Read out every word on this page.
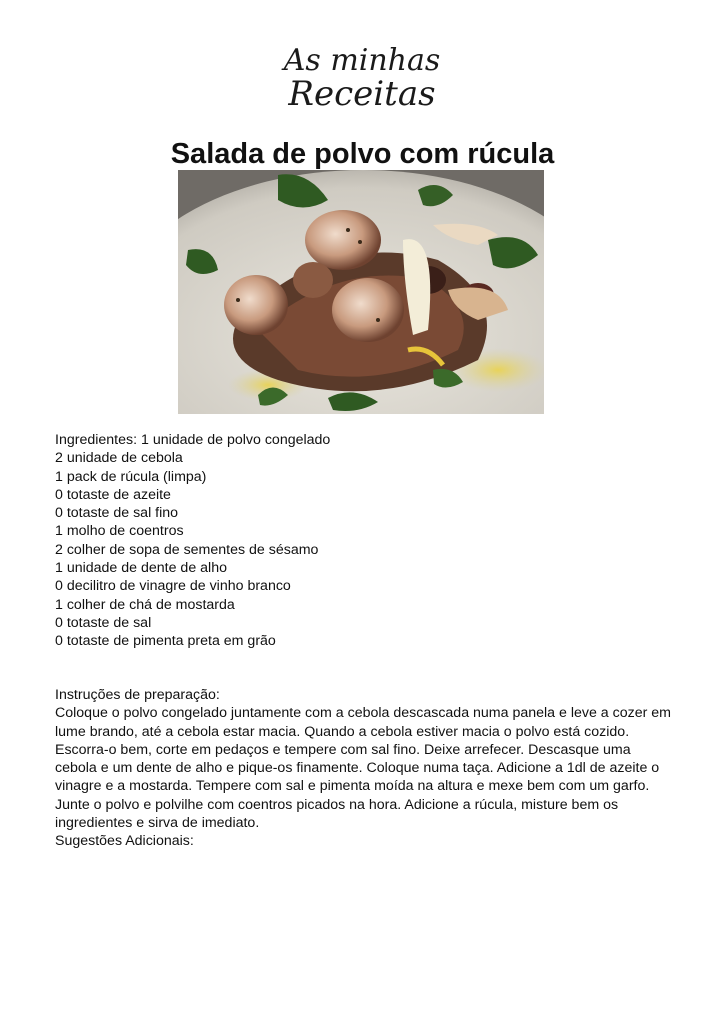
As minhas
Receitas
Salada de polvo com rúcula
Ingredientes: 1 unidade de polvo congelado
2 unidade de cebola
1 pack de rúcula (limpa)
0 totaste de azeite
0 totaste de sal fino
1 molho de coentros
2 colher de sopa de sementes de sésamo
1 unidade de dente de alho
0 decilitro de vinagre de vinho branco
1 colher de chá de mostarda
0 totaste de sal
0 totaste de pimenta preta em grão
Instruções de preparação:
Coloque o polvo congelado juntamente com a cebola descascada numa panela e leve a cozer em lume brando, até a cebola estar macia. Quando a cebola estiver macia o polvo está cozido. Escorra-o bem, corte em pedaços e tempere com sal fino. Deixe arrefecer. Descasque uma cebola e um dente de alho e pique-os finamente. Coloque numa taça. Adicione a 1dl de azeite o vinagre e a mostarda. Tempere com sal e pimenta moída na altura e mexe bem com um garfo. Junte o polvo e polvilhe com coentros picados na hora. Adicione a rúcula, misture bem os ingredientes e sirva de imediato.
Sugestões Adicionais:
